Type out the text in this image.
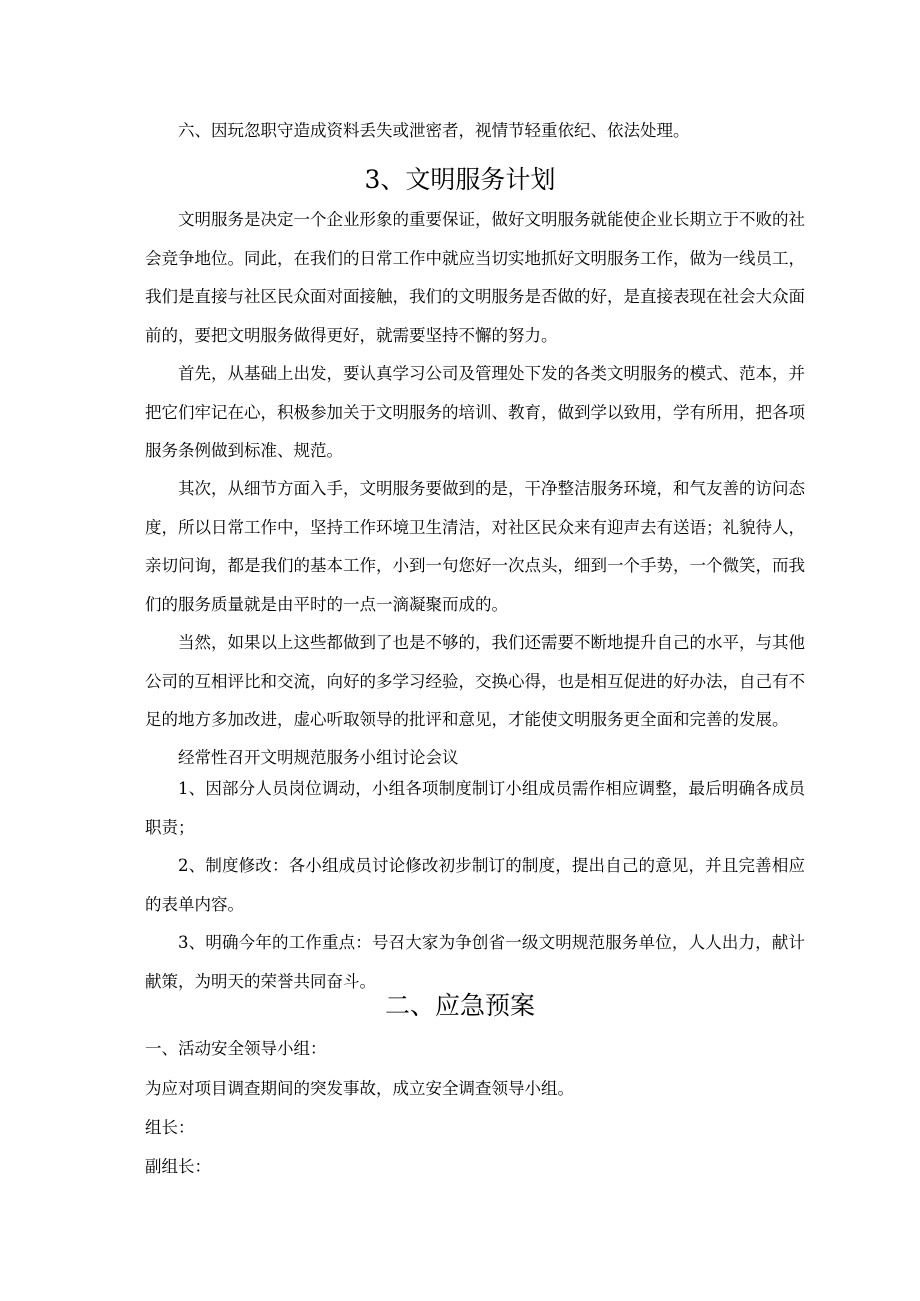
六、因玩忽职守造成资料丢失或泄密者，视情节轻重依纪、依法处理。

3、文明服务计划

文明服务是决定一个企业形象的重要保证，做好文明服务就能使企业长期立于不败的社会竞争地位。同此，在我们的日常工作中就应当切实地抓好文明服务工作，做为一线员工，我们是直接与社区民众面对面接触，我们的文明服务是否做的好，是直接表现在社会大众面前的，要把文明服务做得更好，就需要坚持不懈的努力。

首先，从基础上出发，要认真学习公司及管理处下发的各类文明服务的模式、范本，并把它们牢记在心，积极参加关于文明服务的培训、教育，做到学以致用，学有所用，把各项服务条例做到标准、规范。

其次，从细节方面入手，文明服务要做到的是，干净整洁服务环境，和气友善的访问态度，所以日常工作中，坚持工作环境卫生清洁，对社区民众来有迎声去有送语；礼貌待人，亲切问询，都是我们的基本工作，小到一句您好一次点头，细到一个手势，一个微笑，而我们的服务质量就是由平时的一点一滴凝聚而成的。

当然，如果以上这些都做到了也是不够的，我们还需要不断地提升自己的水平，与其他公司的互相评比和交流，向好的多学习经验，交换心得，也是相互促进的好办法，自己有不足的地方多加改进，虚心听取领导的批评和意见，才能使文明服务更全面和完善的发展。

经常性召开文明规范服务小组讨论会议

1、因部分人员岗位调动，小组各项制度制订小组成员需作相应调整，最后明确各成员职责；

2、制度修改：各小组成员讨论修改初步制订的制度，提出自己的意见，并且完善相应的表单内容。

3、明确今年的工作重点：号召大家为争创省一级文明规范服务单位，人人出力，献计献策，为明天的荣誉共同奋斗。

二、应急预案

一、活动安全领导小组：

为应对项目调查期间的突发事故，成立安全调查领导小组。

组长：

副组长：
